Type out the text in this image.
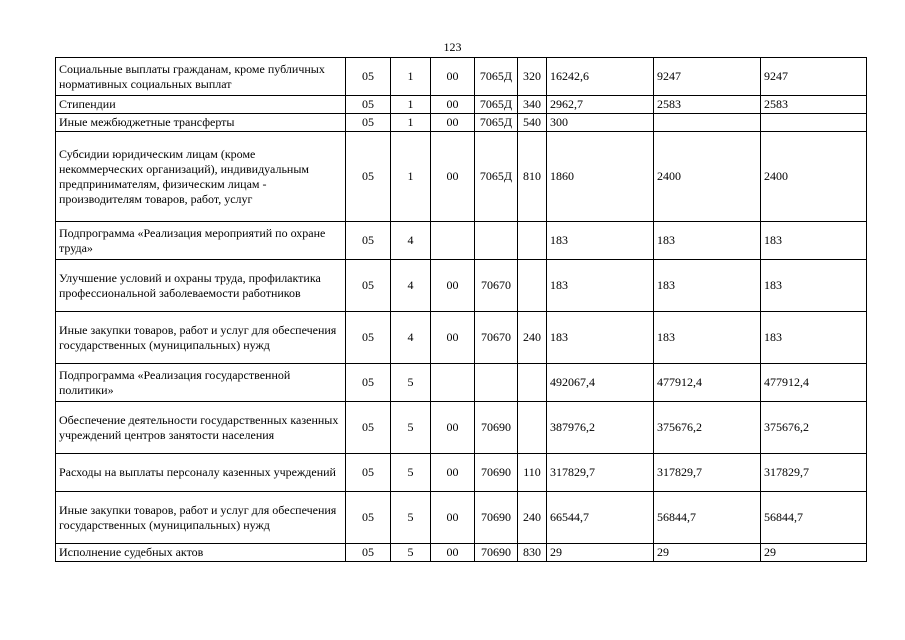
123
Социальные выплаты гражданам, кроме публичных нормативных социальных выплат	05	1	00	7065Д	320	16242,6	9247	9247
Стипендии	05	1	00	7065Д	340	2962,7	2583	2583
Иные межбюджетные трансферты	05	1	00	7065Д	540	300		
Субсидии юридическим лицам (кроме некоммерческих организаций), индивидуальным предпринимателям, физическим лицам - производителям товаров, работ, услуг	05	1	00	7065Д	810	1860	2400	2400
Подпрограмма «Реализация мероприятий по охране труда»	05	4				183	183	183
Улучшение условий и охраны труда, профилактика профессиональной заболеваемости работников	05	4	00	70670		183	183	183
Иные закупки товаров, работ и услуг для обеспечения государственных (муниципальных) нужд	05	4	00	70670	240	183	183	183
Подпрограмма «Реализация государственной политики»	05	5				492067,4	477912,4	477912,4
Обеспечение деятельности государственных казенных учреждений центров занятости населения	05	5	00	70690		387976,2	375676,2	375676,2
Расходы на выплаты персоналу казенных учреждений	05	5	00	70690	110	317829,7	317829,7	317829,7
Иные закупки товаров, работ и услуг для обеспечения государственных (муниципальных) нужд	05	5	00	70690	240	66544,7	56844,7	56844,7
Исполнение судебных актов	05	5	00	70690	830	29	29	29
